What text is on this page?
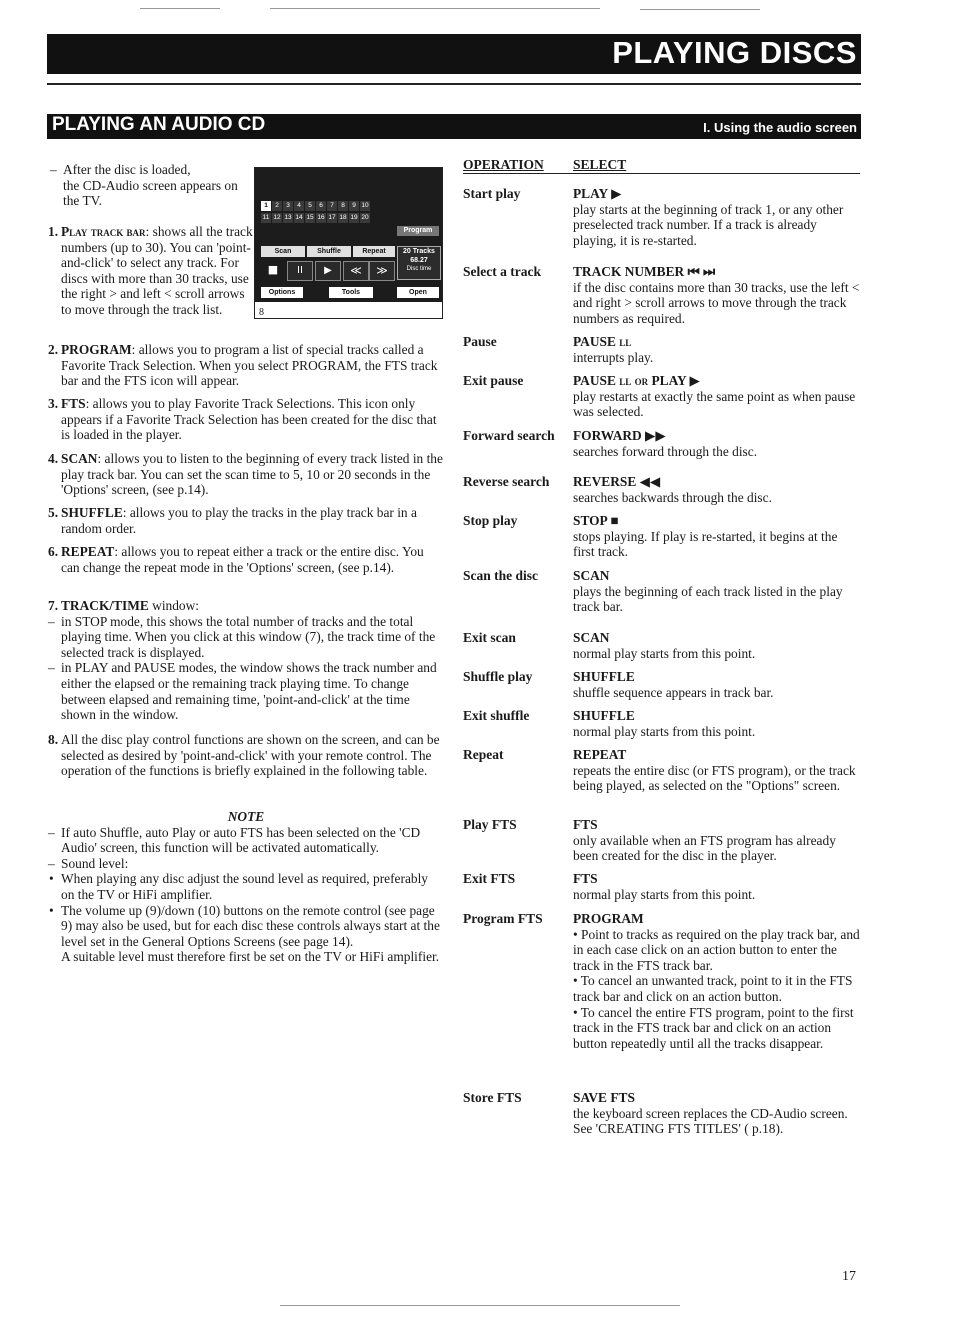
PLAYING DISCS
PLAYING AN AUDIO CD	I. Using the audio screen
– After the disc is loaded,
the CD-Audio screen appears on
the TV.	1	2	3	4	5	6	7	8	9 10
11 12 13 14 15 16 17 18 19 20
Program
Scan	Shuffle	Repeat	20 Tracks
68.27
Disc time
■	II	▶	≪	≫
Options	Tools	Open
8
1. Play track bar: shows all the track numbers (up to 30). You can 'point-and-click' to select any track. For discs with more than 30 tracks, use the right > and left < scroll arrows to move through the track list.
2. PROGRAM: allows you to program a list of special tracks called a Favorite Track Selection. When you select PROGRAM, the FTS track bar and the FTS icon will appear.
3. FTS: allows you to play Favorite Track Selections. This icon only appears if a Favorite Track Selection has been created for the disc that is loaded in the player.
4. SCAN: allows you to listen to the beginning of every track listed in the play track bar. You can set the scan time to 5, 10 or 20 seconds in the 'Options' screen, (see p.14).
5. SHUFFLE: allows you to play the tracks in the play track bar in a random order.
6. REPEAT: allows you to repeat either a track or the entire disc. You can change the repeat mode in the 'Options' screen, (see p.14).
7. TRACK/TIME window:
– in STOP mode, this shows the total number of tracks and the total playing time. When you click at this window (7), the track time of the selected track is displayed.
– in PLAY and PAUSE modes, the window shows the track number and either the elapsed or the remaining track playing time. To change between elapsed and remaining time, 'point-and-click' at the time shown in the window.
8. All the disc play control functions are shown on the screen, and can be selected as desired by 'point-and-click' with your remote control. The operation of the functions is briefly explained in the following table.
NOTE
– If auto Shuffle, auto Play or auto FTS has been selected on the 'CD Audio' screen, this function will be activated automatically.
– Sound level:
• When playing any disc adjust the sound level as required, preferably on the TV or HiFi amplifier.
• The volume up (9)/down (10) buttons on the remote control (see page 9) may also be used, but for each disc these controls always start at the level set in the General Options Screens (see page 14).
A suitable level must therefore first be set on the TV or HiFi amplifier.
OPERATION SELECT
Start play	PLAY ▶
play starts at the beginning of track 1, or any other preselected track number. If a track is already playing, it is re-started.
Select a track	TRACK NUMBER ⏮ ⏭
if the disc contains more than 30 tracks, use the left < and right > scroll arrows to move through the track numbers as required.
Pause	PAUSE ll
interrupts play.
Exit pause	PAUSE ll or PLAY ▶
play restarts at exactly the same point as when pause was selected.
Forward search	FORWARD ▶▶
searches forward through the disc.
Reverse search	REVERSE ◀◀
searches backwards through the disc.
Stop play	STOP ■
stops playing. If play is re-started, it begins at the first track.
Scan the disc	SCAN
plays the beginning of each track listed in the play track bar.
Exit scan	SCAN
normal play starts from this point.
Shuffle play	SHUFFLE
shuffle sequence appears in track bar.
Exit shuffle	SHUFFLE
normal play starts from this point.
Repeat	REPEAT
repeats the entire disc (or FTS program), or the track being played, as selected on the "Options" screen.
Play FTS	FTS
only available when an FTS program has already been created for the disc in the player.
Exit FTS	FTS
normal play starts from this point.
Program FTS	PROGRAM
• Point to tracks as required on the play track bar, and in each case click on an action button to enter the track in the FTS track bar.
• To cancel an unwanted track, point to it in the FTS track bar and click on an action button.
• To cancel the entire FTS program, point to the first track in the FTS track bar and click on an action button repeatedly until all the tracks disappear.
Store FTS	SAVE FTS
the keyboard screen replaces the CD-Audio screen. See 'CREATING FTS TITLES' ( p.18).
17
